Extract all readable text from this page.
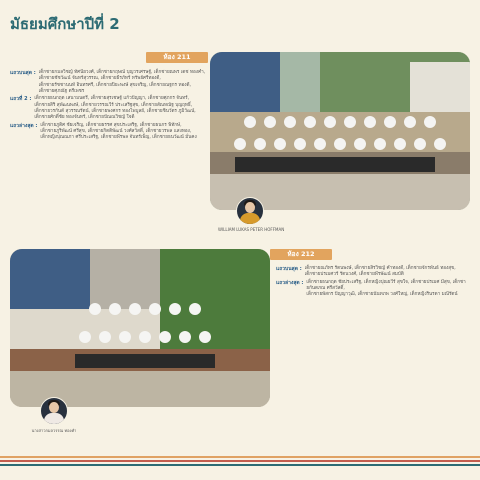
มัธยมศึกษาปีที่ 2
ห้อง 211
แถวบนสุด : เด็กชายกมลวิชญ์ ทัศนียวงศ์, เด็กชายกฤษณ์ บุญวรเศรษฐ์, เด็กชายณพร เดช ทองคำ,
เด็กชายชัชวัฒน์ จันทร์สุวรรณ, เด็กชายธีรภัทร์ ทรัพย์ศรีทองดี,
เด็กชายรัชชานนท์ อินทรศรี, เด็กชายปิยะพงษ์ สุขเจริญ, เด็กชายณฐกร ทองดี,
เด็กชายศุภณัฐ ตรีเพชร
แถวที่ 2 : เด็กชายธนกฤต เสนามนตรี, เด็กชายสุรเชษฐ์ แก้วปัญญา, เด็กชายศุภกร จันทร์,
เด็กชายสิริ สุพัฒนพงษ์, เด็กชายวรรณวีร์ ประเสริฐสุข, เด็กชายสัณหณัฐ บุญฤทธิ์,
เด็กชายวรกันต์ สุวรรณรัตน์, เด็กชายพงศกร ทองไพบูลย์, เด็กชายชินวัตร ภูมิวัฒน์,
เด็กชายศักดิ์ชัย ทองจันทร์, เด็กชายปัณณวิชญ์ ใจดี
แถวล่างสุด : เด็กชายภูดิศ ชัยเจริญ, เด็กชายธรรศ สุขประเสริฐ, เด็กชายธนกร พิทักษ์,
เด็กชายภูริพัฒน์ ศรีสุข, เด็กชายกิตติพัฒน์ วงศ์สวัสดิ์, เด็กชายวรพล แสงทอง,
เด็กหญิงปุณณภา ศรีประเสริฐ, เด็กชายพีรพล จันทร์เพ็ญ, เด็กชายธนวัฒน์ มั่นคง
WILLIAM LUKAS PETER HOFFMAN
ห้อง 212
แถวบนสุด : เด็กชายณภัทร รัตนพงษ์, เด็กชายสิรวิชญ์ คำทองดี, เด็กชายจักรพันธ์ ทองสุข,
เด็กชายปรเมศวร์ รัตนวงศ์, เด็กชายพีรพัฒน์ สมบัติ
แถวล่างสุด : เด็กชายธนกฤต ชัยประเสริฐ, เด็กหญิงปุณยวีร์ สุขใจ, เด็กชายปรเมศ มีสุข, เด็กชายกันตภณ ศรีสวัสดิ์,
เด็กชายพัสกร ปัญญาวุฒิ, เด็กชายนันทภพ วงศ์ใหญ่, เด็กหญิงรินรดา มณีรัตน์
นางสาวกมลวรรณ ทองคำ
